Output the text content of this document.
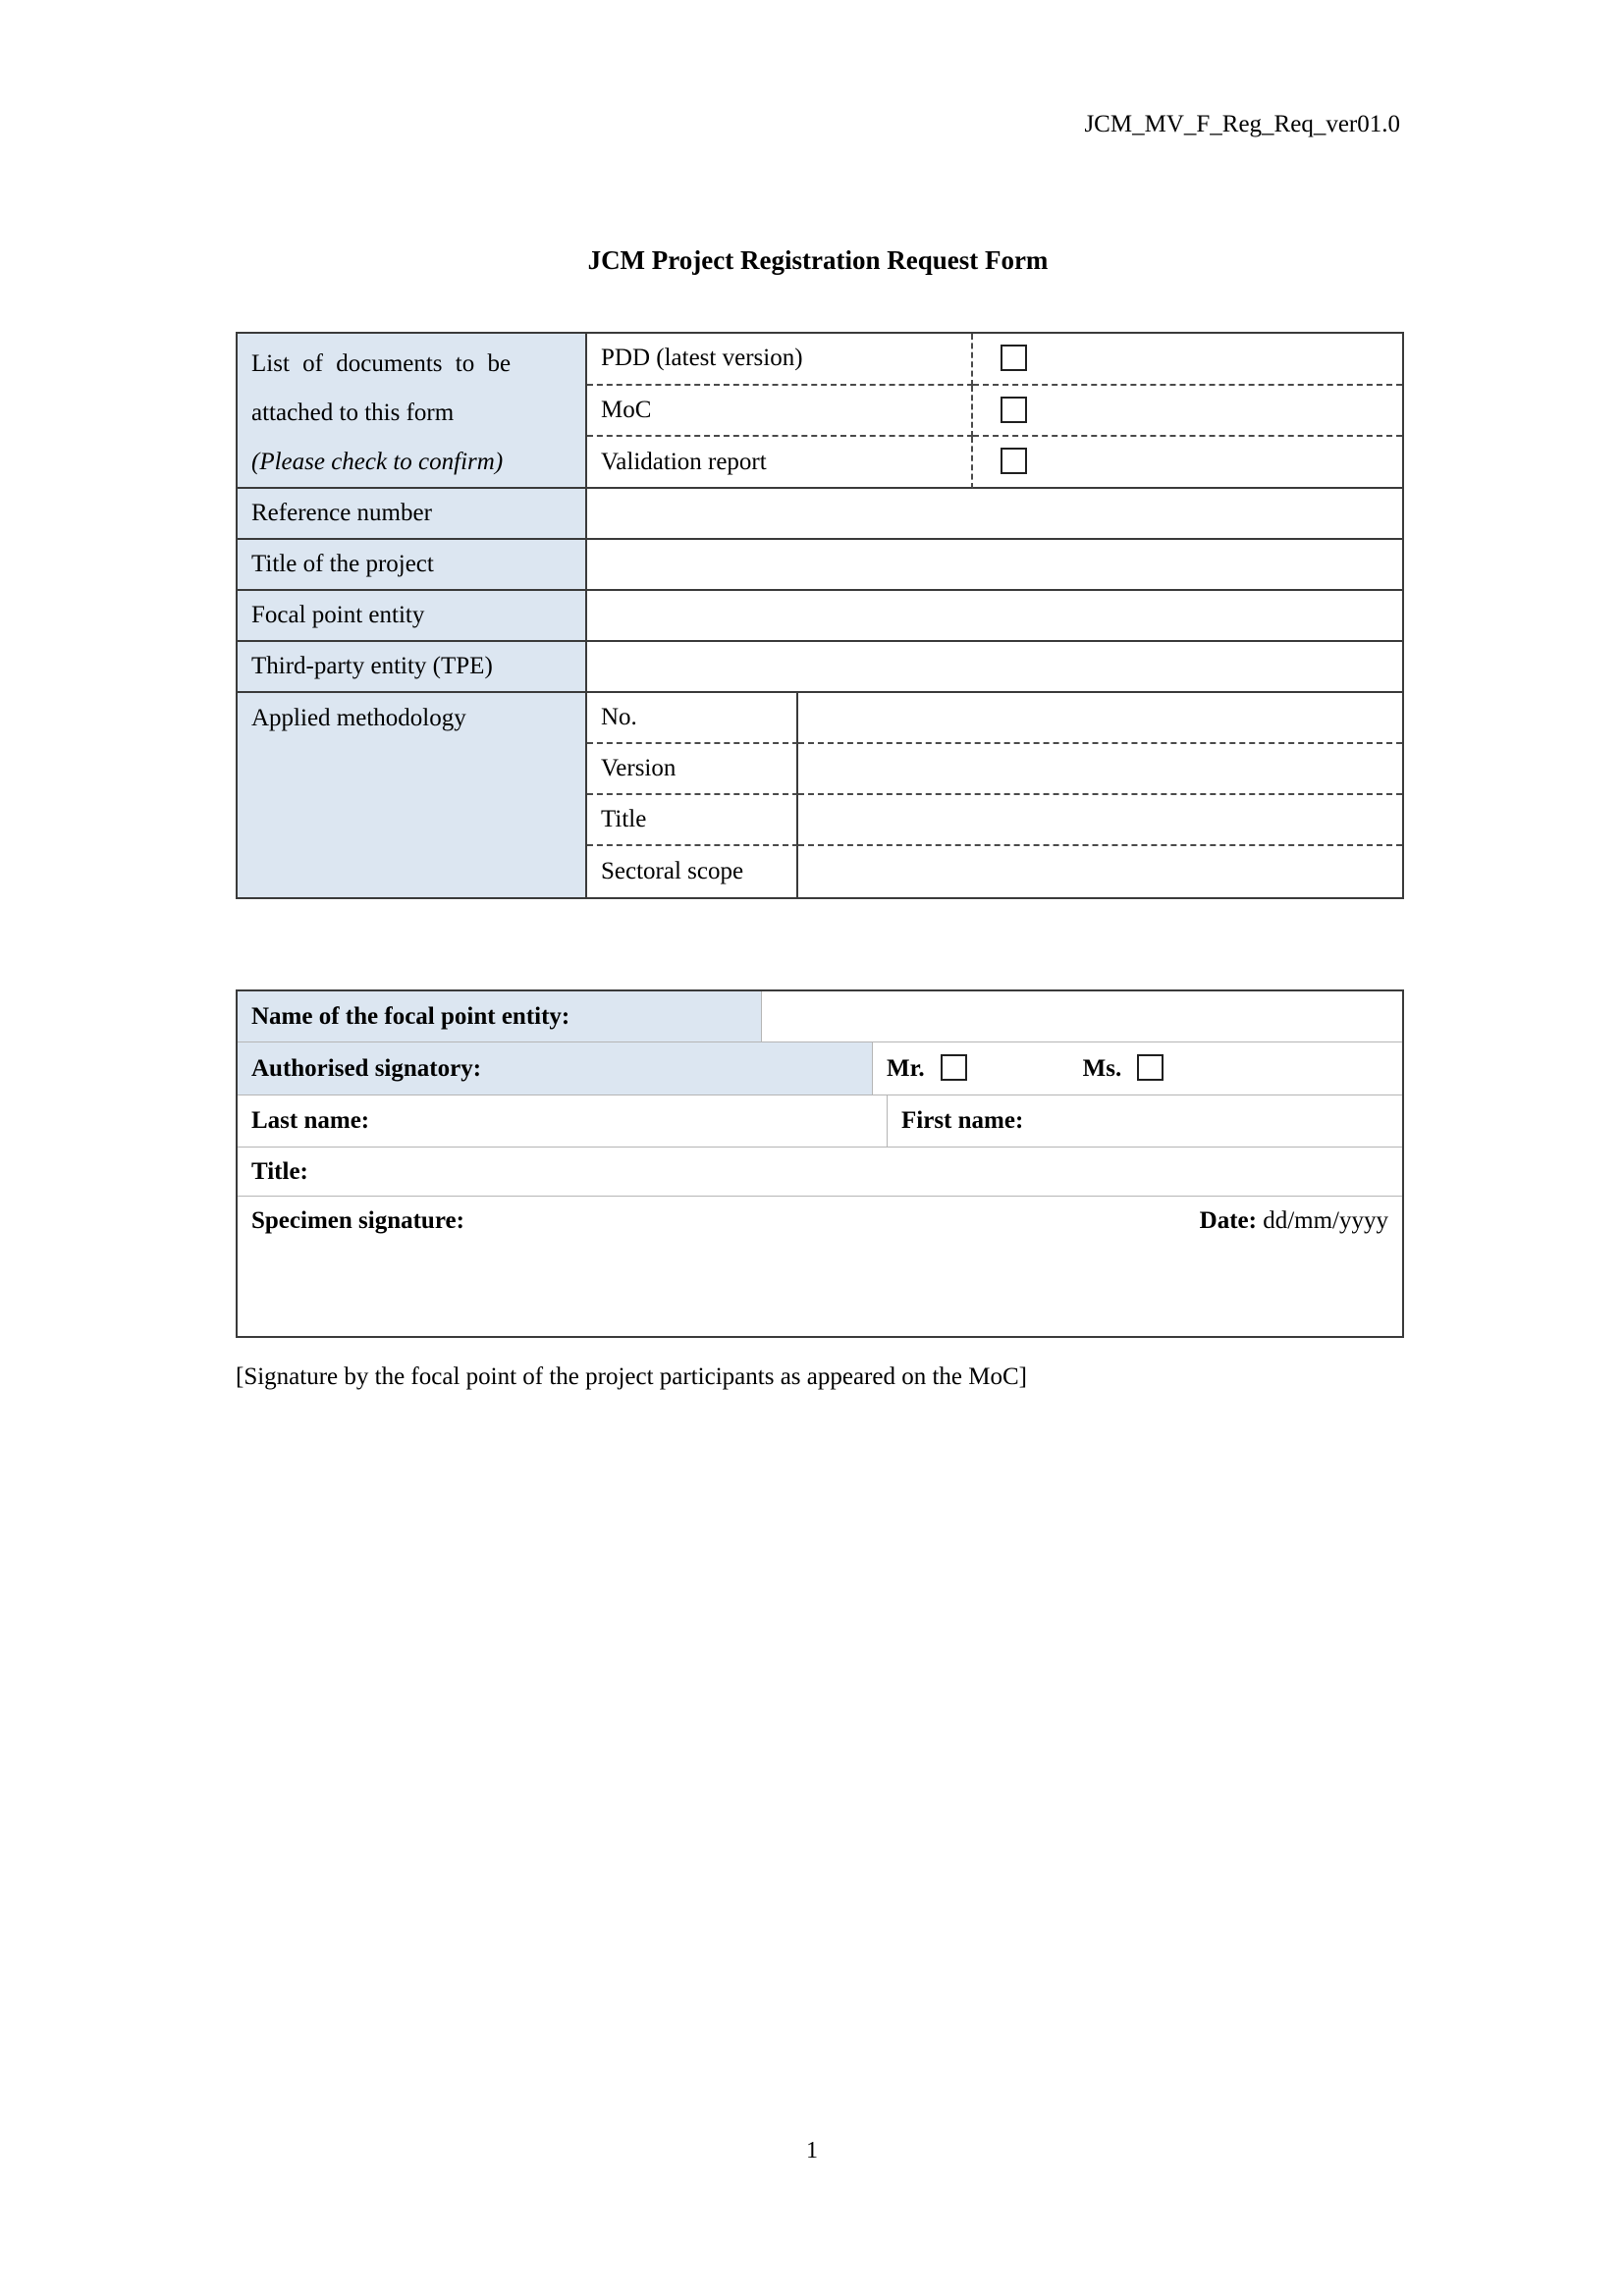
JCM_MV_F_Reg_Req_ver01.0
JCM Project Registration Request Form
List of documents to be
attached to this form
(Please check to confirm)	PDD (latest version)		
	MoC		
	Validation report		
Reference number			
Title of the project			
Focal point entity			
Third-party entity (TPE)			

Applied methodology	No.		
	Version		
	Title		
	Sectoral scope		
Name of the focal point entity:			
Authorised signatory:		Mr. Ms.	
Last name:			First name:
Title:			

Specimen signature: Date: dd/mm/yyyy			
[Signature by the focal point of the project participants as appeared on the MoC]
1
